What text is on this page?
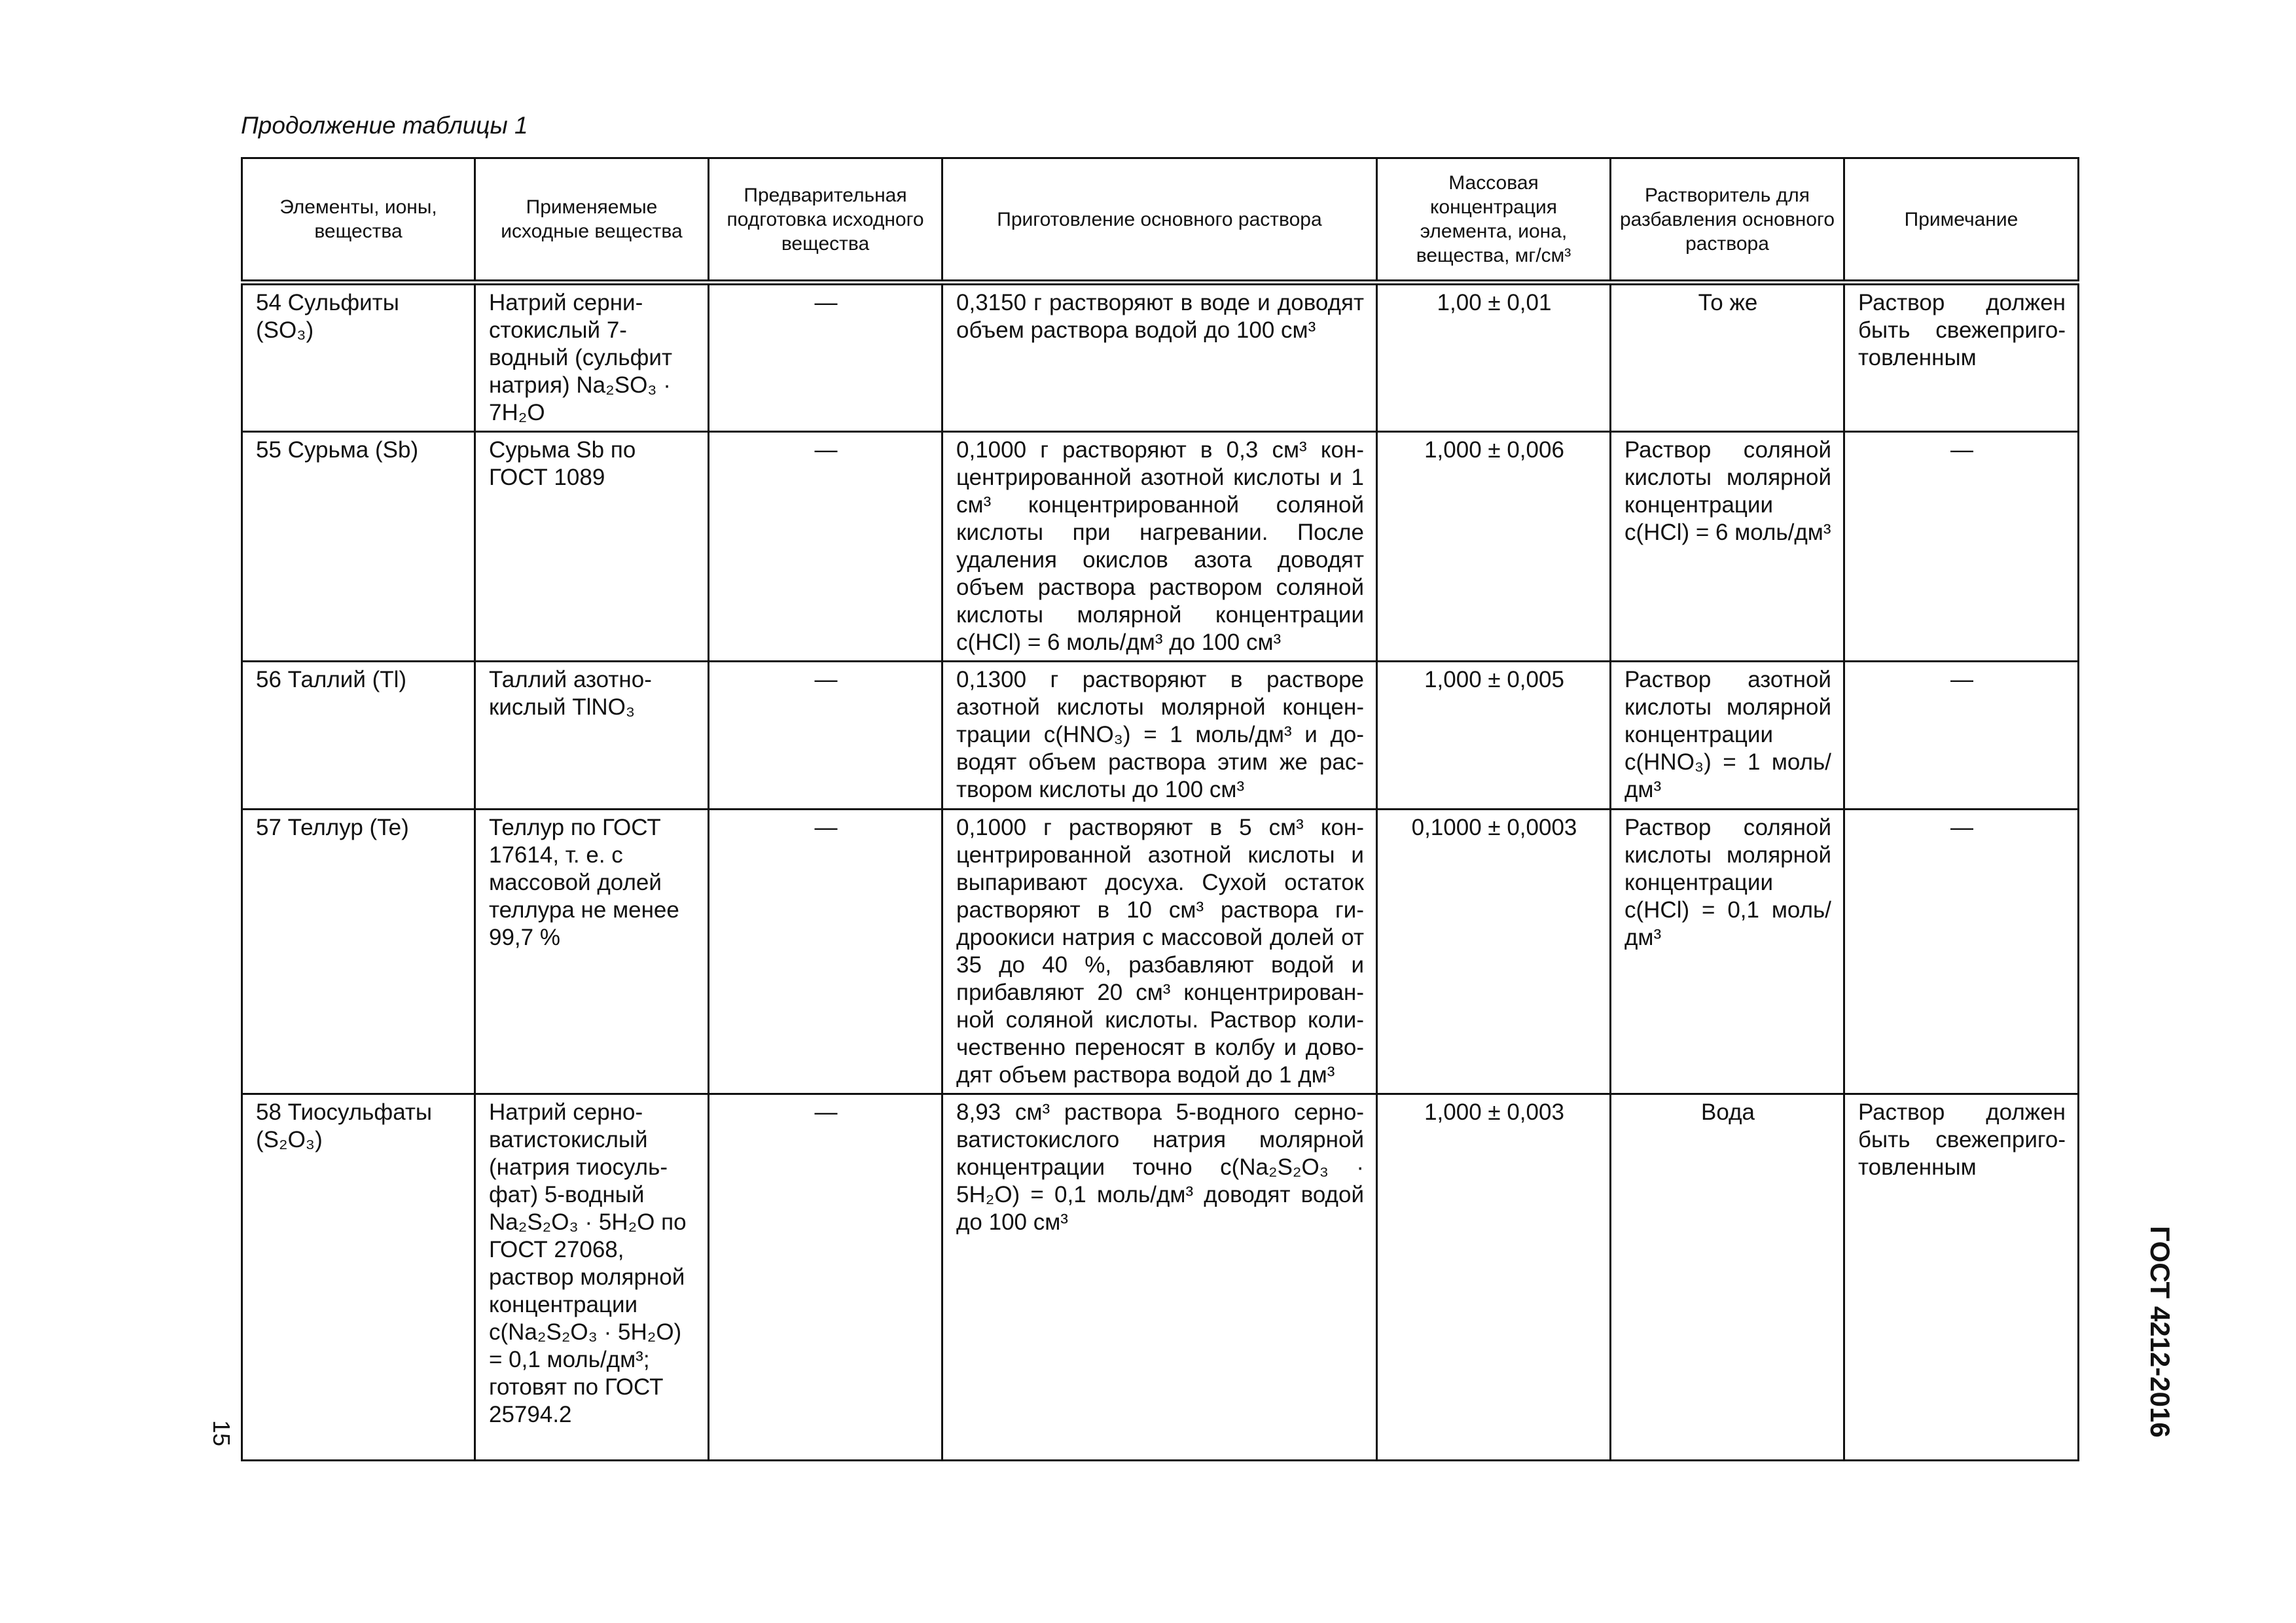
Продолжение таблицы 1
Элементы, ионы, вещества	Применяемые исходные вещества	Предварительная подготовка исходного вещества	Приготовление основного раствора	Массовая концентрация элемента, иона, вещества, мг/см³	Растворитель для разбавления основного раствора	Примечание
54 Сульфиты (SO₃)	Натрий сернистокислый 7-водный (сульфит натрия) Na₂SO₃ · 7H₂O	—	0,3150 г растворяют в воде и доводят объем раствора водой до 100 см³	1,00 ± 0,01	То же	Раствор должен быть свежеприготовленным
55 Сурьма (Sb)	Сурьма Sb по ГОСТ 1089	—	0,1000 г растворяют в 0,3 см³ концентрированной азотной кислоты и 1 см³ концентрированной соляной кислоты при нагревании. После удаления окислов азота доводят объем раствора раствором соляной кислоты молярной концентрации c(HCl) = 6 моль/дм³ до 100 см³	1,000 ± 0,006	Раствор соляной кислоты молярной концентрации c(HCl) = 6 моль/дм³	—
56 Таллий (Tl)	Таллий азотнокислый TlNO₃	—	0,1300 г растворяют в растворе азотной кислоты молярной концентрации c(HNO₃) = 1 моль/дм³ и доводят объем раствора этим же раствором кислоты до 100 см³	1,000 ± 0,005	Раствор азотной кислоты молярной концентрации c(HNO₃) = 1 моль/дм³	—
57 Теллур (Te)	Теллур по ГОСТ 17614, т. е. с массовой долей теллура не менее 99,7 %	—	0,1000 г растворяют в 5 см³ концентрированной азотной кислоты и выпаривают досуха. Сухой остаток растворяют в 10 см³ раствора гидроокиси натрия с массовой долей от 35 до 40 %, разбавляют водой и прибавляют 20 см³ концентрированной соляной кислоты. Раствор количественно переносят в колбу и доводят объем раствора водой до 1 дм³	0,1000 ± 0,0003	Раствор соляной кислоты молярной концентрации c(HCl) = 0,1 моль/дм³	—
58 Тиосульфаты (S₂O₃)	Натрий серноватистокислый (натрия тиосульфат) 5-водный Na₂S₂O₃ · 5H₂O по ГОСТ 27068, раствор молярной концентрации c(Na₂S₂O₃ · 5H₂O) = 0,1 моль/дм³; готовят по ГОСТ 25794.2	—	8,93 см³ раствора 5-водного серноватистокислого натрия молярной концентрации точно c(Na₂S₂O₃ · 5H₂O) = 0,1 моль/дм³ доводят водой до 100 см³	1,000 ± 0,003	Вода	Раствор должен быть свежеприготовленным
15	ГОСТ 4212-2016
